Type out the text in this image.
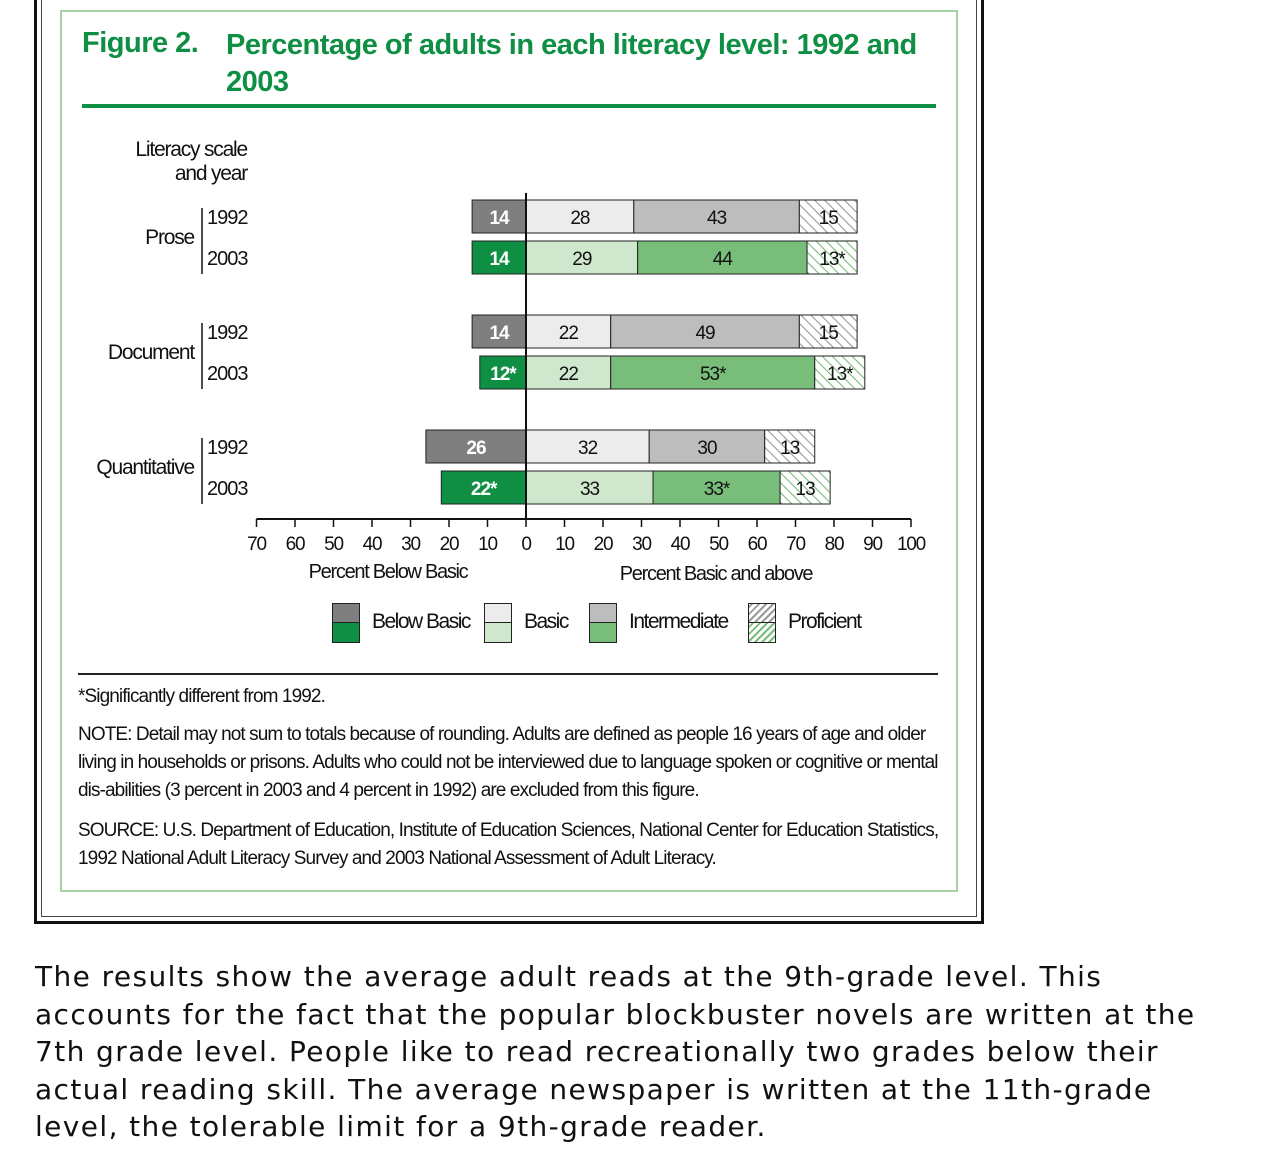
Figure 2. Percentage of adults in each literacy level: 1992 and 2003
Literacy scale
and year
Prose
1992
2003
Document
1992
2003
Quantitative
1992
2003
14	28	43	15
14	29	44	13*
14	22	49	15
12* 22	53*	13*
26	32	30	13
22*	33	33*	13
70 60 50 40 30 20 10 0 10 20 30 40 50 60 70 80 90 100
Percent Below Basic	Percent Basic and above
Below Basic	Basic	Intermediate	Proficient
*Significantly different from 1992.
NOTE: Detail may not sum to totals because of rounding. Adults are defined as people 16 years of age and older living in households or prisons. Adults who could not be interviewed due to language spoken or cognitive or mental dis-abilities (3 percent in 2003 and 4 percent in 1992) are excluded from this figure.
SOURCE: U.S. Department of Education, Institute of Education Sciences, National Center for Education Statistics, 1992 National Adult Literacy Survey and 2003 National Assessment of Adult Literacy.
The results show the average adult reads at the 9th-grade level. This accounts for the fact that the popular blockbuster novels are written at the 7th grade level. People like to read recreationally two grades below their actual reading skill. The average newspaper is written at the 11th-grade level, the tolerable limit for a 9th-grade reader.
